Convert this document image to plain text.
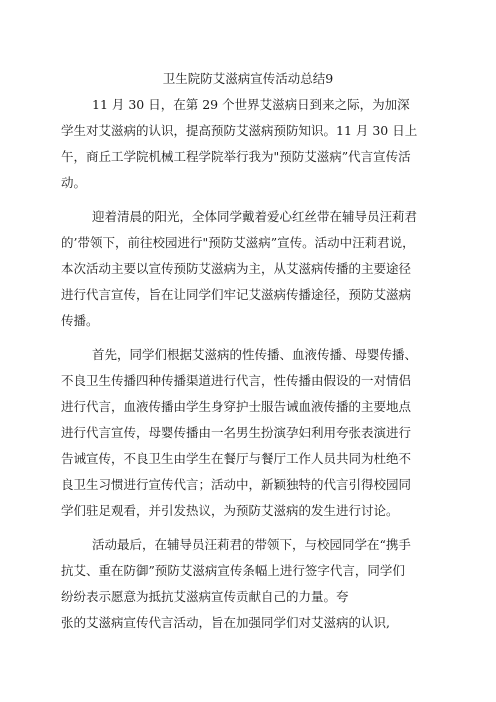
卫生院防艾滋病宣传活动总结9
11 月 30 日，在第 29 个世界艾滋病日到来之际，为加深
学生对艾滋病的认识，提高预防艾滋病预防知识。11 月 30 日上
午，商丘工学院机械工程学院举行我为"预防艾滋病”代言宣传活
动。
迎着清晨的阳光，全体同学戴着爱心红丝带在辅导员汪莉君
的’带领下，前往校园进行"预防艾滋病”宣传。活动中汪莉君说，
本次活动主要以宣传预防艾滋病为主，从艾滋病传播的主要途径
进行代言宣传，旨在让同学们牢记艾滋病传播途径，预防艾滋病
传播。
首先，同学们根据艾滋病的性传播、血液传播、母婴传播、
不良卫生传播四种传播渠道进行代言，性传播由假设的一对情侣
进行代言，血液传播由学生身穿护士服告诫血液传播的主要地点
进行代言宣传，母婴传播由一名男生扮演孕妇利用夸张表演进行
告诫宣传，不良卫生由学生在餐厅与餐厅工作人员共同为杜绝不
良卫生习惯进行宣传代言；活动中，新颖独特的代言引得校园同
学们驻足观看，并引发热议，为预防艾滋病的发生进行讨论。
活动最后，在辅导员汪莉君的带领下，与校园同学在“携手
抗艾、重在防御”预防艾滋病宣传条幅上进行签字代言，同学们
纷纷表示愿意为抵抗艾滋病宣传贡献自己的力量。夸
张的艾滋病宣传代言活动，旨在加强同学们对艾滋病的认识,
